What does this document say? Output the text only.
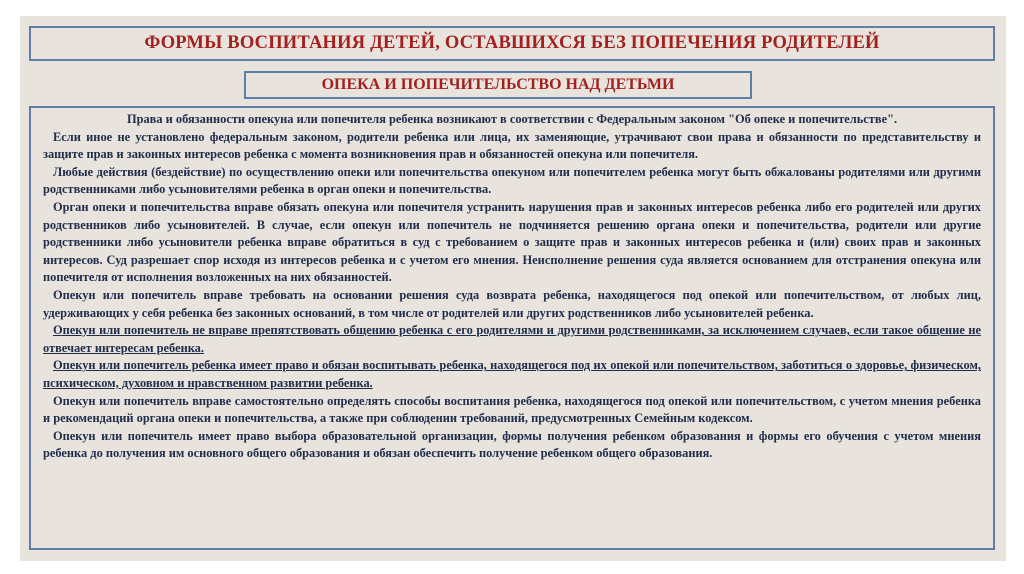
ФОРМЫ ВОСПИТАНИЯ ДЕТЕЙ, ОСТАВШИХСЯ БЕЗ ПОПЕЧЕНИЯ РОДИТЕЛЕЙ
ОПЕКА И ПОПЕЧИТЕЛЬСТВО НАД ДЕТЬМИ

Права и обязанности опекуна или попечителя ребенка возникают в соответствии с Федеральным законом "Об опеке и попечительстве".

Если иное не установлено федеральным законом, родители ребенка или лица, их заменяющие, утрачивают свои права и обязанности по представительству и защите прав и законных интересов ребенка с момента возникновения прав и обязанностей опекуна или попечителя.

Любые действия (бездействие) по осуществлению опеки или попечительства опекуном или попечителем ребенка могут быть обжалованы родителями или другими родственниками либо усыновителями ребенка в орган опеки и попечительства.

Орган опеки и попечительства вправе обязать опекуна или попечителя устранить нарушения прав и законных интересов ребенка либо его родителей или других родственников либо усыновителей. В случае, если опекун или попечитель не подчиняется решению органа опеки и попечительства, родители или другие родственники либо усыновители ребенка вправе обратиться в суд с требованием о защите прав и законных интересов ребенка и (или) своих прав и законных интересов. Суд разрешает спор исходя из интересов ребенка и с учетом его мнения. Неисполнение решения суда является основанием для отстранения опекуна или попечителя от исполнения возложенных на них обязанностей.

Опекун или попечитель вправе требовать на основании решения суда возврата ребенка, находящегося под опекой или попечительством, от любых лиц, удерживающих у себя ребенка без законных оснований, в том числе от родителей или других родственников либо усыновителей ребенка.

Опекун или попечитель не вправе препятствовать общению ребенка с его родителями и другими родственниками, за исключением случаев, если такое общение не отвечает интересам ребенка.

Опекун или попечитель ребенка имеет право и обязан воспитывать ребенка, находящегося под их опекой или попечительством, заботиться о здоровье, физическом, психическом, духовном и нравственном развитии ребенка.

Опекун или попечитель вправе самостоятельно определять способы воспитания ребенка, находящегося под опекой или попечительством, с учетом мнения ребенка и рекомендаций органа опеки и попечительства, а также при соблюдении требований, предусмотренных Семейным кодексом.

Опекун или попечитель имеет право выбора образовательной организации, формы получения ребенком образования и формы его обучения с учетом мнения ребенка до получения им основного общего образования и обязан обеспечить получение ребенком общего образования.
